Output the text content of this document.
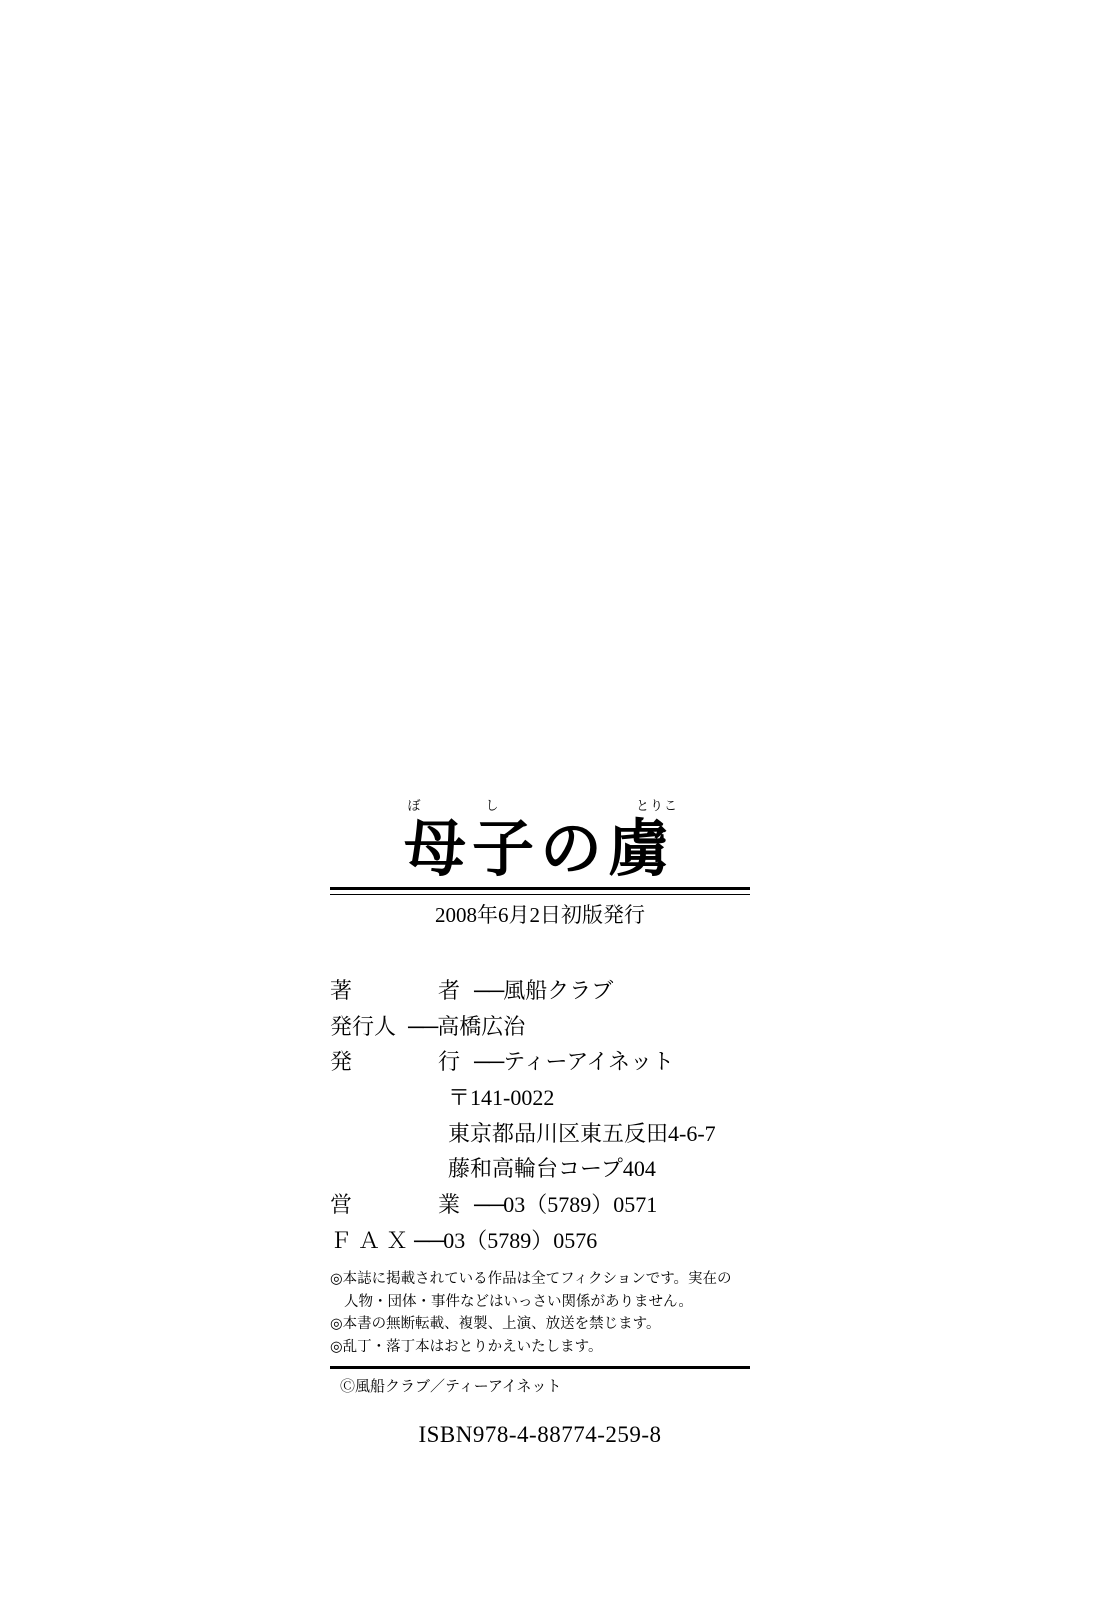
ぼ	し	とりこ
母子の虜
2008年6月2日初版発行
著　　者 ── 風船クラブ
発行人 ── 高橋広治
発　　行 ── ティーアイネット
〒141-0022
東京都品川区東五反田4-6-7
藤和高輪台コープ404
営　　業 ── 03（5789）0571
ＦＡＸ ── 03（5789）0576
◎本誌に掲載されている作品は全てフィクションです。実在の
人物・団体・事件などはいっさい関係がありません。
◎本書の無断転載、複製、上演、放送を禁じます。
◎乱丁・落丁本はおとりかえいたします。
Ⓒ風船クラブ／ティーアイネット
ISBN978-4-88774-259-8
